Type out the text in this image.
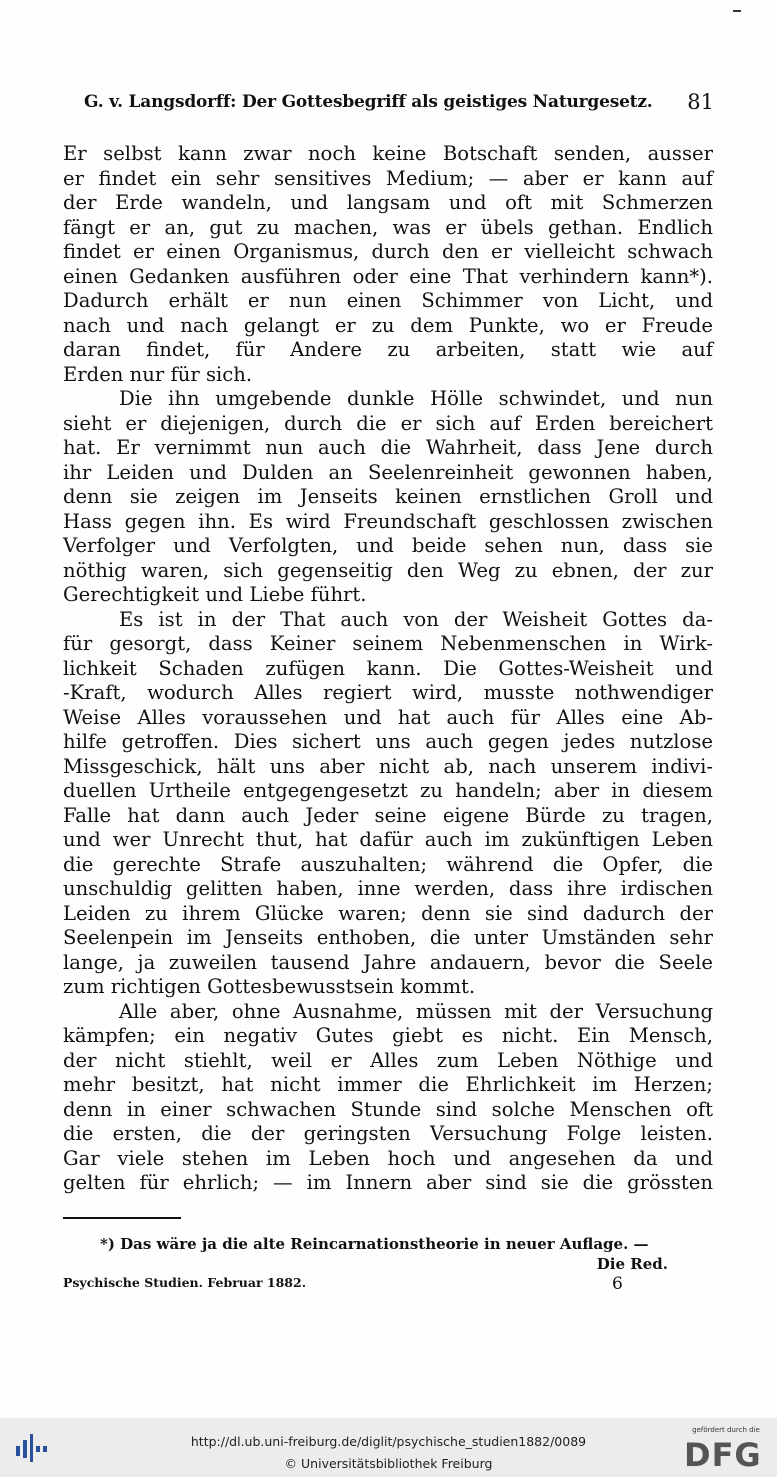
G. v. Langsdorff: Der Gottesbegriff als geistiges Naturgesetz. 81
Er selbst kann zwar noch keine Botschaft senden, ausser
er findet ein sehr sensitives Medium; — aber er kann auf
der Erde wandeln, und langsam und oft mit Schmerzen
fängt er an, gut zu machen, was er übels gethan. Endlich
findet er einen Organismus, durch den er vielleicht schwach
einen Gedanken ausführen oder eine That verhindern kann*).
Dadurch erhält er nun einen Schimmer von Licht, und
nach und nach gelangt er zu dem Punkte, wo er Freude
daran findet, für Andere zu arbeiten, statt wie auf
Erden nur für sich.
Die ihn umgebende dunkle Hölle schwindet, und nun
sieht er diejenigen, durch die er sich auf Erden bereichert
hat. Er vernimmt nun auch die Wahrheit, dass Jene durch
ihr Leiden und Dulden an Seelenreinheit gewonnen haben,
denn sie zeigen im Jenseits keinen ernstlichen Groll und
Hass gegen ihn. Es wird Freundschaft geschlossen zwischen
Verfolger und Verfolgten, und beide sehen nun, dass sie
nöthig waren, sich gegenseitig den Weg zu ebnen, der zur
Gerechtigkeit und Liebe führt.
Es ist in der That auch von der Weisheit Gottes da-
für gesorgt, dass Keiner seinem Nebenmenschen in Wirk-
lichkeit Schaden zufügen kann. Die Gottes-Weisheit und
-Kraft, wodurch Alles regiert wird, musste nothwendiger
Weise Alles voraussehen und hat auch für Alles eine Ab-
hilfe getroffen. Dies sichert uns auch gegen jedes nutzlose
Missgeschick, hält uns aber nicht ab, nach unserem indivi-
duellen Urtheile entgegengesetzt zu handeln; aber in diesem
Falle hat dann auch Jeder seine eigene Bürde zu tragen,
und wer Unrecht thut, hat dafür auch im zukünftigen Leben
die gerechte Strafe auszuhalten; während die Opfer, die
unschuldig gelitten haben, inne werden, dass ihre irdischen
Leiden zu ihrem Glücke waren; denn sie sind dadurch der
Seelenpein im Jenseits enthoben, die unter Umständen sehr
lange, ja zuweilen tausend Jahre andauern, bevor die Seele
zum richtigen Gottesbewusstsein kommt.
Alle aber, ohne Ausnahme, müssen mit der Versuchung
kämpfen; ein negativ Gutes giebt es nicht. Ein Mensch,
der nicht stiehlt, weil er Alles zum Leben Nöthige und
mehr besitzt, hat nicht immer die Ehrlichkeit im Herzen;
denn in einer schwachen Stunde sind solche Menschen oft
die ersten, die der geringsten Versuchung Folge leisten.
Gar viele stehen im Leben hoch und angesehen da und
gelten für ehrlich; — im Innern aber sind sie die grössten
*) Das wäre ja die alte Reincarnationstheorie in neuer Auflage. —
Die Red.
Psychische Studien. Februar 1882.	6
http://dl.ub.uni-freiburg.de/diglit/psychische_studien1882/0089
© Universitätsbibliothek Freiburg
gefördert durch die
DFG
